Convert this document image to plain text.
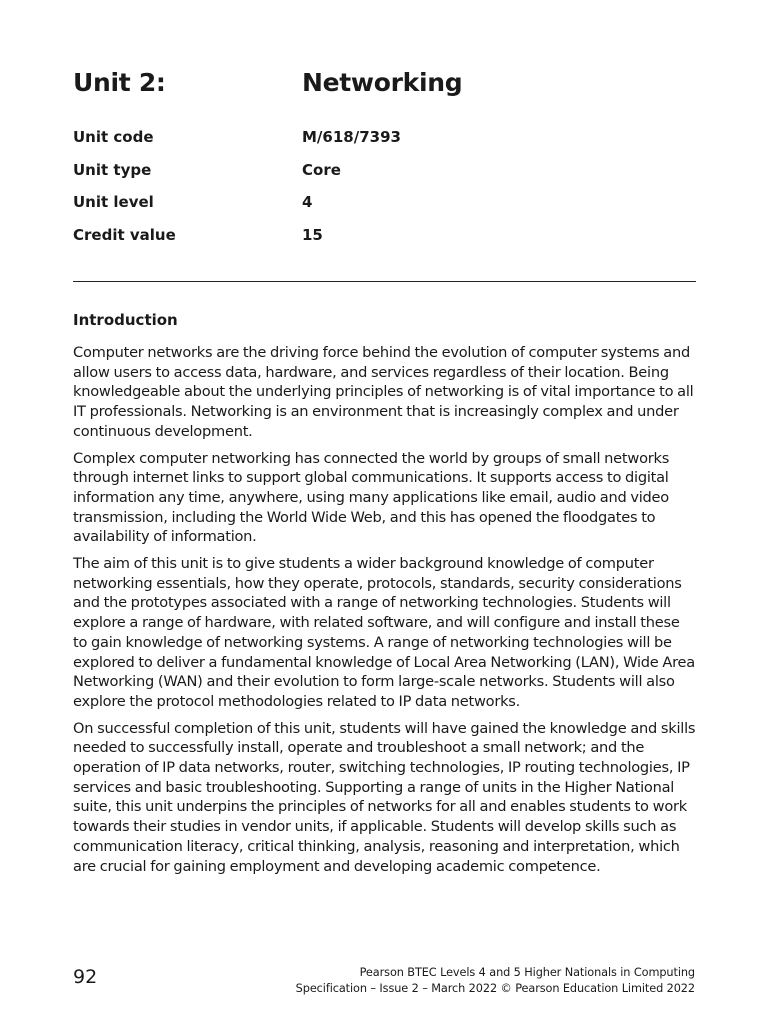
Unit 2:	Networking
Unit code	M/618/7393
Unit type	Core
Unit level	4
Credit value	15
Introduction

Computer networks are the driving force behind the evolution of computer systems and allow users to access data, hardware, and services regardless of their location. Being knowledgeable about the underlying principles of networking is of vital importance to all IT professionals. Networking is an environment that is increasingly complex and under continuous development.

Complex computer networking has connected the world by groups of small networks through internet links to support global communications. It supports access to digital information any time, anywhere, using many applications like email, audio and video transmission, including the World Wide Web, and this has opened the floodgates to availability of information.

The aim of this unit is to give students a wider background knowledge of computer networking essentials, how they operate, protocols, standards, security considerations and the prototypes associated with a range of networking technologies. Students will explore a range of hardware, with related software, and will configure and install these to gain knowledge of networking systems. A range of networking technologies will be explored to deliver a fundamental knowledge of Local Area Networking (LAN), Wide Area Networking (WAN) and their evolution to form large-scale networks. Students will also explore the protocol methodologies related to IP data networks.

On successful completion of this unit, students will have gained the knowledge and skills needed to successfully install, operate and troubleshoot a small network; and the operation of IP data networks, router, switching technologies, IP routing technologies, IP services and basic troubleshooting. Supporting a range of units in the Higher National suite, this unit underpins the principles of networks for all and enables students to work towards their studies in vendor units, if applicable. Students will develop skills such as communication literacy, critical thinking, analysis, reasoning and interpretation, which are crucial for gaining employment and developing academic competence.

92	Pearson BTEC Levels 4 and 5 Higher Nationals in Computing
Specification – Issue 2 – March 2022 © Pearson Education Limited 2022
